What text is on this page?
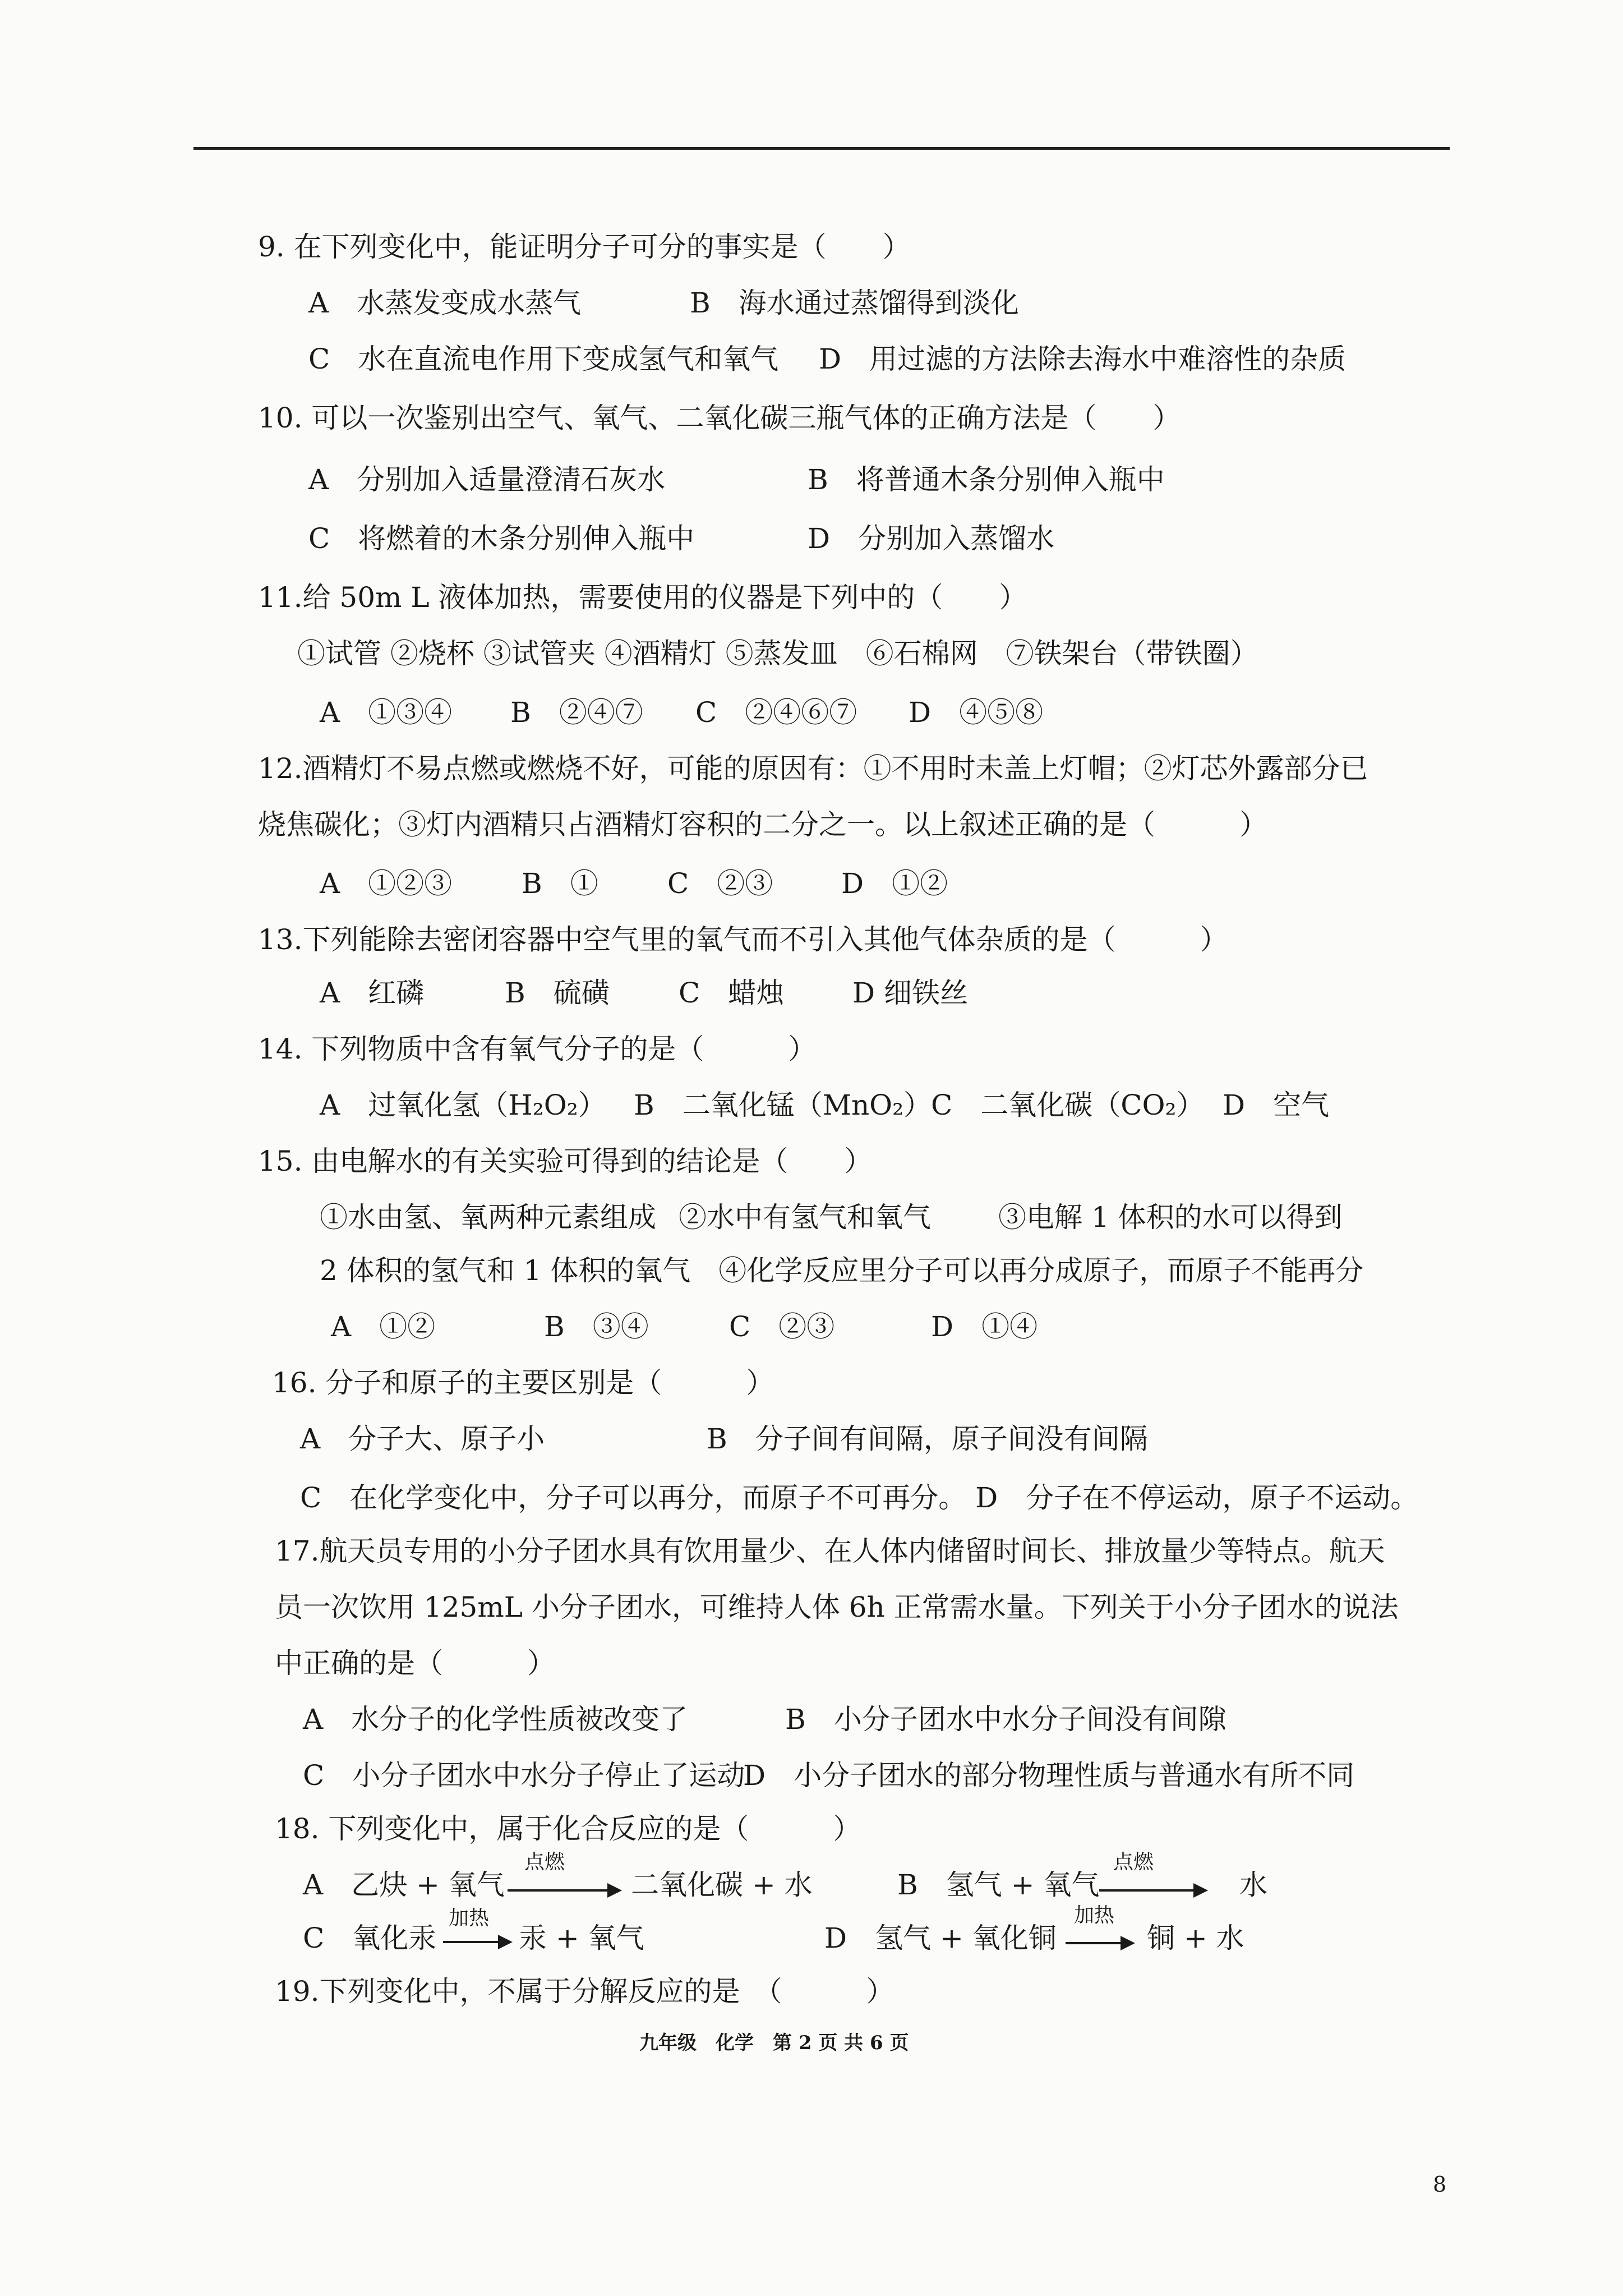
9. 在下列变化中，能证明分子可分的事实是（　　）
A　水蒸发变成水蒸气	B　海水通过蒸馏得到淡化
C　水在直流电作用下变成氢气和氧气 D　用过滤的方法除去海水中难溶性的杂质
10. 可以一次鉴别出空气、氧气、二氧化碳三瓶气体的正确方法是（　　）
A　分别加入适量澄清石灰水	B　将普通木条分别伸入瓶中
C　将燃着的木条分别伸入瓶中	D　分别加入蒸馏水
11.给 50m L 液体加热，需要使用的仪器是下列中的（　　）
①试管 ②烧杯 ③试管夹 ④酒精灯 ⑤蒸发皿　⑥石棉网　⑦铁架台（带铁圈）
A　①③④ B　②④⑦ C　②④⑥⑦ D　④⑤⑧
12.酒精灯不易点燃或燃烧不好，可能的原因有：①不用时未盖上灯帽；②灯芯外露部分已
烧焦碳化；③灯内酒精只占酒精灯容积的二分之一。以上叙述正确的是（　　　）
A　①②③ B　① C　②③ D　①②
13.下列能除去密闭容器中空气里的氧气而不引入其他气体杂质的是（　　　）
A　红磷	B　硫磺 C　蜡烛 D 细铁丝
14. 下列物质中含有氧气分子的是（　　　）
A　过氧化氢（H₂O₂） B　二氧化锰（MnO₂）
C　二氧化碳（CO₂） D　空气
15. 由电解水的有关实验可得到的结论是（　　）
①水由氢、氧两种元素组成 ②水中有氢气和氧气 ③电解 1 体积的水可以得到
2 体积的氢气和 1 体积的氧气　④化学反应里分子可以再分成原子，而原子不能再分
A　①②	B　③④	C　②③	D　①④
16. 分子和原子的主要区别是（　　　）
A　分子大、原子小	B　分子间有间隔，原子间没有间隔
C　在化学变化中，分子可以再分，而原子不可再分。 D　分子在不停运动，原子不运动。
17.航天员专用的小分子团水具有饮用量少、在人体内储留时间长、排放量少等特点。航天
员一次饮用 125mL 小分子团水，可维持人体 6h 正常需水量。下列关于小分子团水的说法
中正确的是（　　　）
A　水分子的化学性质被改变了	B　小分子团水中水分子间没有间隙
C　小分子团水中水分子停止了运动
D　小分子团水的部分物理性质与普通水有所不同
18. 下列变化中，属于化合反应的是（　　　）
A　乙炔 + 氧气
点燃
二氧化碳 + 水	B　氢气 + 氧气
点燃
水
C　氧化汞
加热
汞 + 氧气	D　氢气 + 氧化铜
加热
铜 + 水
19.下列变化中，不属于分解反应的是　（　　　）
九年级　化学　第 2 页 共 6 页
8
